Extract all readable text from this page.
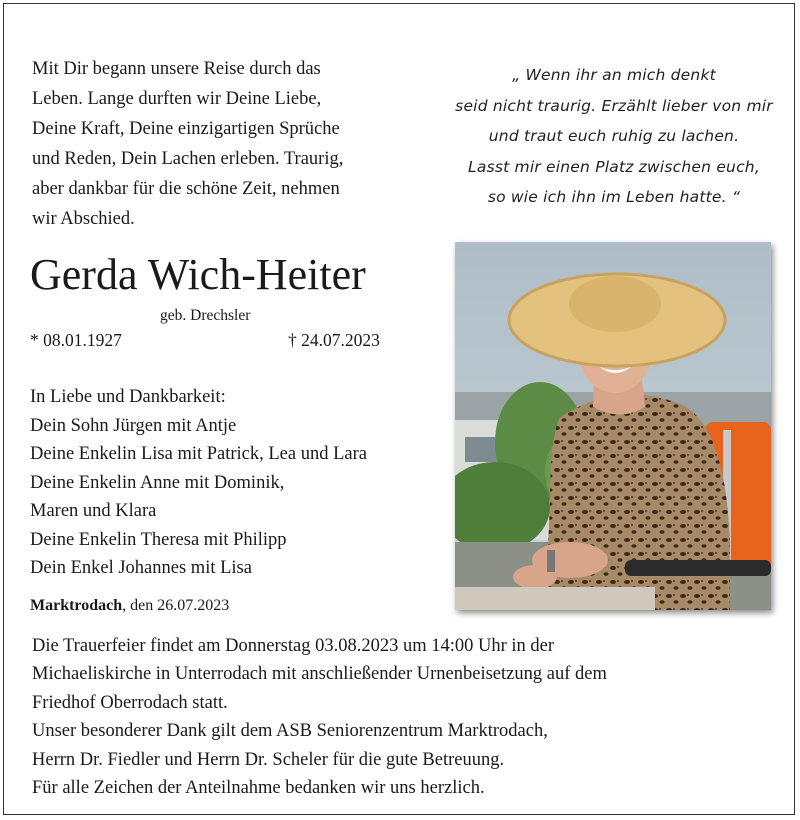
Mit Dir begann unsere Reise durch das
Leben. Lange durften wir Deine Liebe,
Deine Kraft, Deine einzigartigen Sprüche
und Reden, Dein Lachen erleben. Traurig,
aber dankbar für die schöne Zeit, nehmen
wir Abschied.
„ Wenn ihr an mich denkt
seid nicht traurig. Erzählt lieber von mir
und traut euch ruhig zu lachen.
Lasst mir einen Platz zwischen euch,
so wie ich ihn im Leben hatte. “
Gerda Wich-Heiter
geb. Drechsler
* 08.01.1927	† 24.07.2023
In Liebe und Dankbarkeit:
Dein Sohn Jürgen mit Antje
Deine Enkelin Lisa mit Patrick, Lea und Lara
Deine Enkelin Anne mit Dominik,
Maren und Klara
Deine Enkelin Theresa mit Philipp
Dein Enkel Johannes mit Lisa
Marktrodach, den 26.07.2023
Die Trauerfeier findet am Donnerstag 03.08.2023 um 14:00 Uhr in der
Michaeliskirche in Unterrodach mit anschließender Urnenbeisetzung auf dem
Friedhof Oberrodach statt.
Unser besonderer Dank gilt dem ASB Seniorenzentrum Marktrodach,
Herrn Dr. Fiedler und Herrn Dr. Scheler für die gute Betreuung.
Für alle Zeichen der Anteilnahme bedanken wir uns herzlich.
